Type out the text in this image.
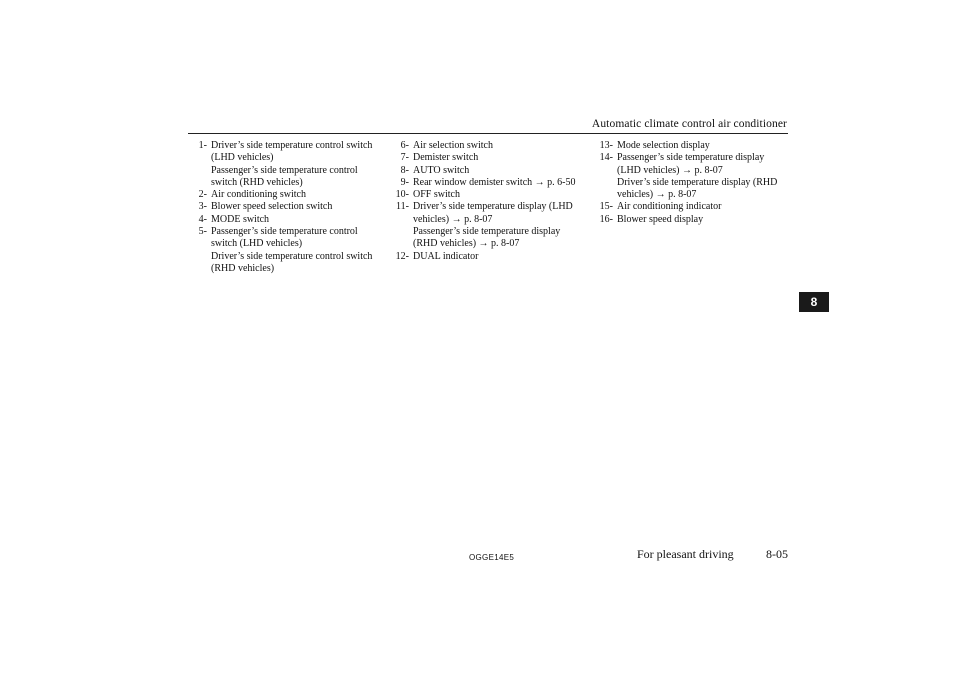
Automatic climate control air conditioner
1- Driver’s side temperature control switch
(LHD vehicles)
Passenger’s side temperature control
switch (RHD vehicles)
2- Air conditioning switch
3- Blower speed selection switch
4- MODE switch
5- Passenger’s side temperature control
switch (LHD vehicles)
Driver’s side temperature control switch
(RHD vehicles)
6- Air selection switch
7- Demister switch
8- AUTO switch
9- Rear window demister switch → p. 6-50
10- OFF switch
11- Driver’s side temperature display (LHD
vehicles) → p. 8-07
Passenger’s side temperature display
(RHD vehicles) → p. 8-07
12- DUAL indicator
13- Mode selection display
14- Passenger’s side temperature display
(LHD vehicles) → p. 8-07
Driver’s side temperature display (RHD
vehicles) → p. 8-07
15- Air conditioning indicator
16- Blower speed display
8
OGGE14E5	For pleasant driving	8-05
